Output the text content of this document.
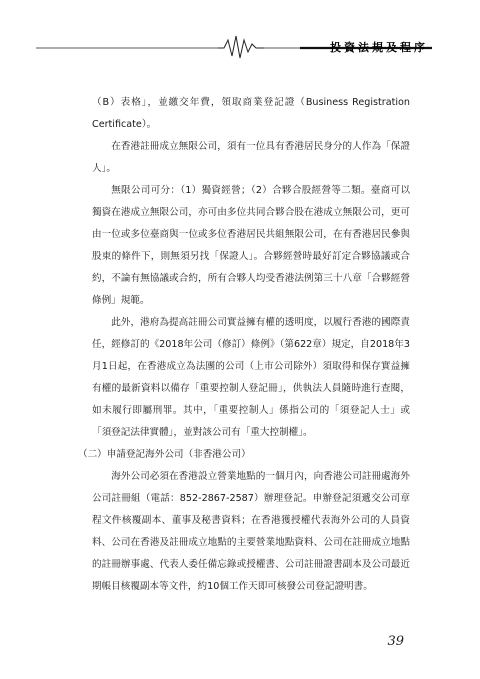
投資法規及程序

（B）表格」，並繳交年費，領取商業登記證（Business Registration Certificate）。

在香港註冊成立無限公司，須有一位具有香港居民身分的人作為「保證人」。

無限公司可分：（1）獨資經營；（2）合夥合股經營等二類。臺商可以獨資在港成立無限公司，亦可由多位共同合夥合股在港成立無限公司，更可由一位或多位臺商與一位或多位香港居民共組無限公司，在有香港居民參與股東的條件下，則無須另找「保證人」。合夥經營時最好訂定合夥協議或合約，不論有無協議或合約，所有合夥人均受香港法例第三十八章「合夥經營條例」規範。

此外，港府為提高註冊公司實益擁有權的透明度，以履行香港的國際責任，經修訂的《2018年公司（修訂）條例》（第622章）規定，自2018年3月1日起，在香港成立為法團的公司（上市公司除外）須取得和保存實益擁有權的最新資料以備存「重要控制人登記冊」，供執法人員隨時進行查閱，如未履行即屬刑罪。其中，「重要控制人」係指公司的「須登記人士」或「須登記法律實體」，並對該公司有「重大控制權」。

（二）申請登記海外公司（非香港公司）

海外公司必須在香港設立營業地點的一個月內，向香港公司註冊處海外公司註冊組（電話：852-2867-2587）辦理登記。申辦登記須遞交公司章程文件核覆副本、董事及秘書資料；在香港獲授權代表海外公司的人員資料、公司在香港及註冊成立地點的主要營業地點資料、公司在註冊成立地點的註冊辦事處、代表人委任備忘錄或授權書、公司註冊證書副本及公司最近期帳目核覆副本等文件，約10個工作天即可核發公司登記證明書。

39
